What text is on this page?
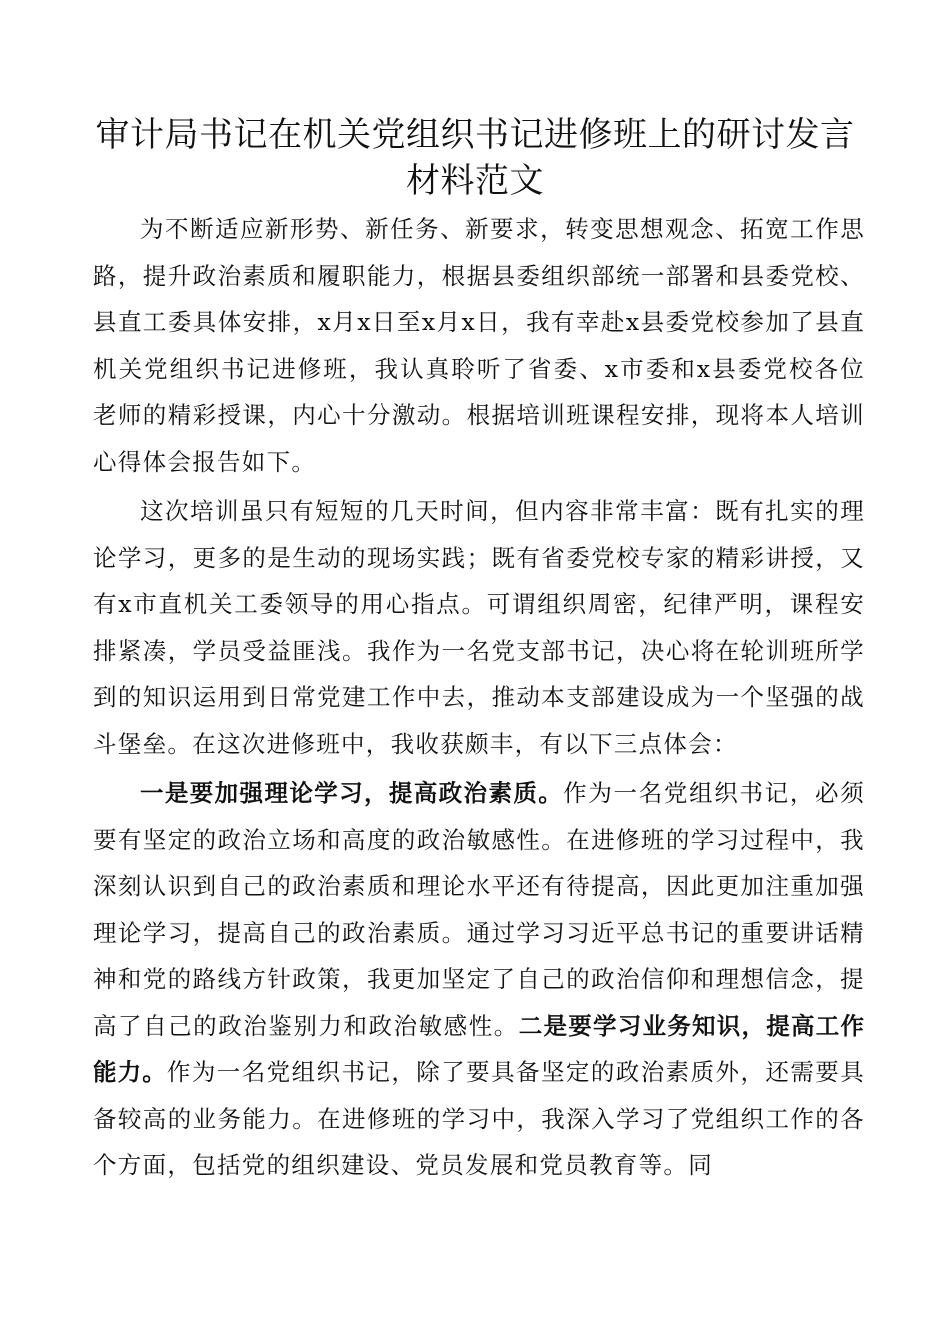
审计局书记在机关党组织书记进修班上的研讨发言材料范文

为不断适应新形势、新任务、新要求，转变思想观念、拓宽工作思路，提升政治素质和履职能力，根据县委组织部统一部署和县委党校、县直工委具体安排，x月x日至x月x日，我有幸赴x县委党校参加了县直机关党组织书记进修班，我认真聆听了省委、x市委和x县委党校各位老师的精彩授课，内心十分激动。根据培训班课程安排，现将本人培训心得体会报告如下。

这次培训虽只有短短的几天时间，但内容非常丰富：既有扎实的理论学习，更多的是生动的现场实践；既有省委党校专家的精彩讲授，又有x市直机关工委领导的用心指点。可谓组织周密，纪律严明，课程安排紧凑，学员受益匪浅。我作为一名党支部书记，决心将在轮训班所学到的知识运用到日常党建工作中去，推动本支部建设成为一个坚强的战斗堡垒。在这次进修班中，我收获颇丰，有以下三点体会：

一是要加强理论学习，提高政治素质。作为一名党组织书记，必须要有坚定的政治立场和高度的政治敏感性。在进修班的学习过程中，我深刻认识到自己的政治素质和理论水平还有待提高，因此更加注重加强理论学习，提高自己的政治素质。通过学习习近平总书记的重要讲话精神和党的路线方针政策，我更加坚定了自己的政治信仰和理想信念，提高了自己的政治鉴别力和政治敏感性。二是要学习业务知识，提高工作能力。作为一名党组织书记，除了要具备坚定的政治素质外，还需要具备较高的业务能力。在进修班的学习中，我深入学习了党组织工作的各个方面，包括党的组织建设、党员发展和党员教育等。同
